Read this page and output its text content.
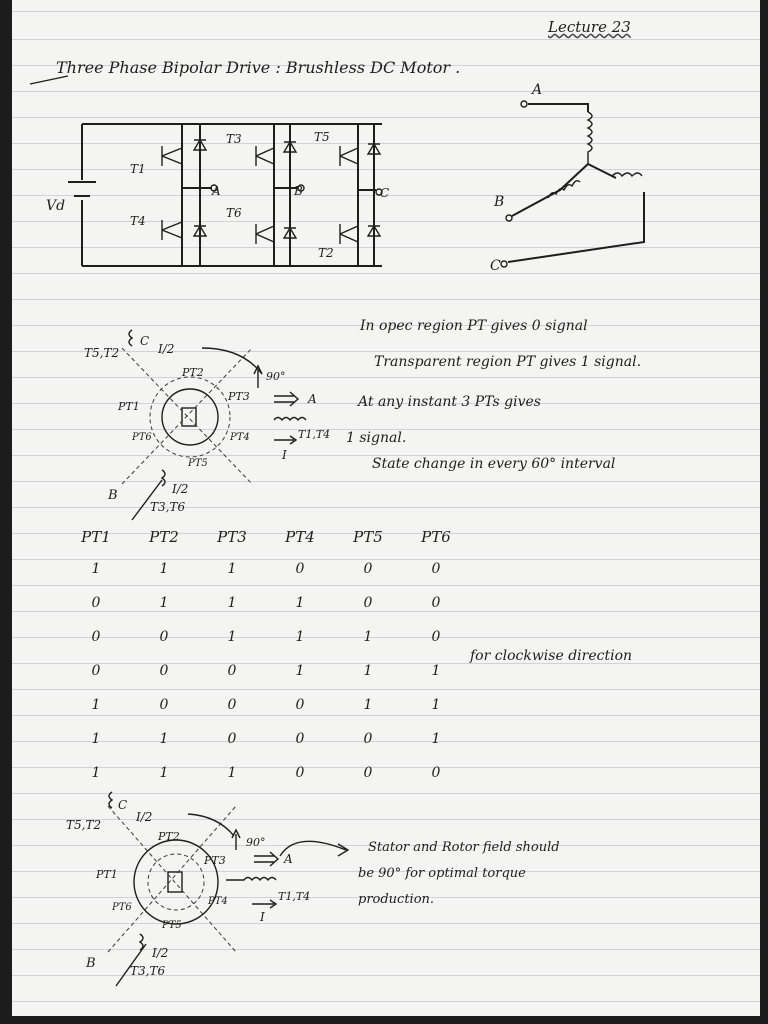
Lecture 23
Three Phase Bipolar Drive : Brushless DC Motor .
Vd
T1
T3	T5
T4
T6
T2
A	B	C
A
B
C
T5,T2
C
I/2
PT2
PT1
PT3
PT6	PT4
PT5
90°
A
T1,T4
I
I/2
T3,T6
B
In opec region PT gives 0 signal
Transparent region PT gives 1 signal.
At any instant 3 PTs gives
1 signal.
State change in every 60° interval
PT1	PT2	PT3	PT4	PT5	PT6
1	1	1	0	0	0
0	1	1	1	0	0
0	0	1	1	1	0
0	0	0	1	1	1
1	0	0	0	1	1
1	1	0	0	0	1
1	1	1	0	0	0
for clockwise direction
T5,T2
C
I/2
PT2
PT1
PT3
PT6
PT4
PT5
90°
A
T1,T4
I
I/2
T3,T6
B
Stator and Rotor field should
be 90° for optimal torque
production.
